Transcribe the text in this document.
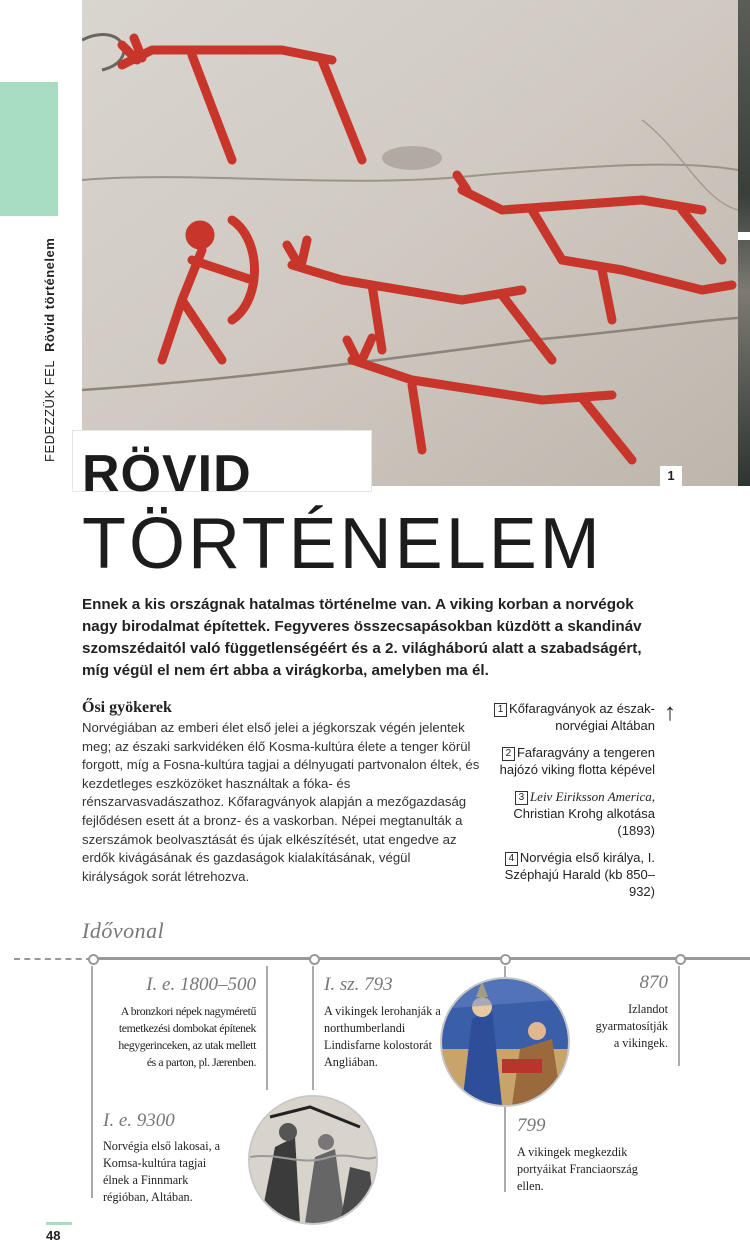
1
FEDEZZÜK FELRövid történelem
RÖVID
TÖRTÉNELEM
Ennek a kis országnak hatalmas történelme van. A viking korban a norvégok nagy birodalmat építettek. Fegyveres összecsapásokban küzdött a skandináv szomszédaitól való függetlenségéért és a 2. világháború alatt a szabadságért, míg végül el nem ért abba a virágkorba, amelyben ma él.
Ősi gyökerek
Norvégiában az emberi élet első jelei a jégkorszak végén jelentek meg; az északi sarkvidéken élő Kosma-kultúra élete a tenger körül forgott, míg a Fosna-kultúra tagjai a délnyugati partvonalon éltek, és kezdetleges eszközöket használtak a fóka- és rénszarvasvadászathoz. Kőfaragványok alapján a mezőgazdaság fejlődésen esett át a bronz- és a vaskorban. Népei megtanulták a szerszámok beolvasztását és újak elkészítését, utat engedve az erdők kivágásának és gazdaságok kialakításának, végül királyságok sorát létrehozva.
1 Kőfaragványok az észak-norvégiai Altában
2 Fafaragvány a tengeren hajózó viking flotta képével
3 Leiv Eiriksson America,
Christian Krohg alkotása (1893)
4 Norvégia első királya, I. Széphajú Harald (kb 850–932)
↑
Idővonal
I. e. 1800–500
A bronzkori népek nagyméretű temetkezési dombokat építenek hegygerinceken, az utak mellett és a parton, pl. Jærenben.
I. e. 9300
Norvégia első lakosai, a Komsa-kultúra tagjai élnek a Finnmark régióban, Altában.
I. sz. 793
A vikingek lerohanják a northumberlandi Lindisfarne kolostorát Angliában.
799
A vikingek megkezdik portyáikat Franciaország ellen.
870
Izlandot gyarmatosítják a vikingek.
48
